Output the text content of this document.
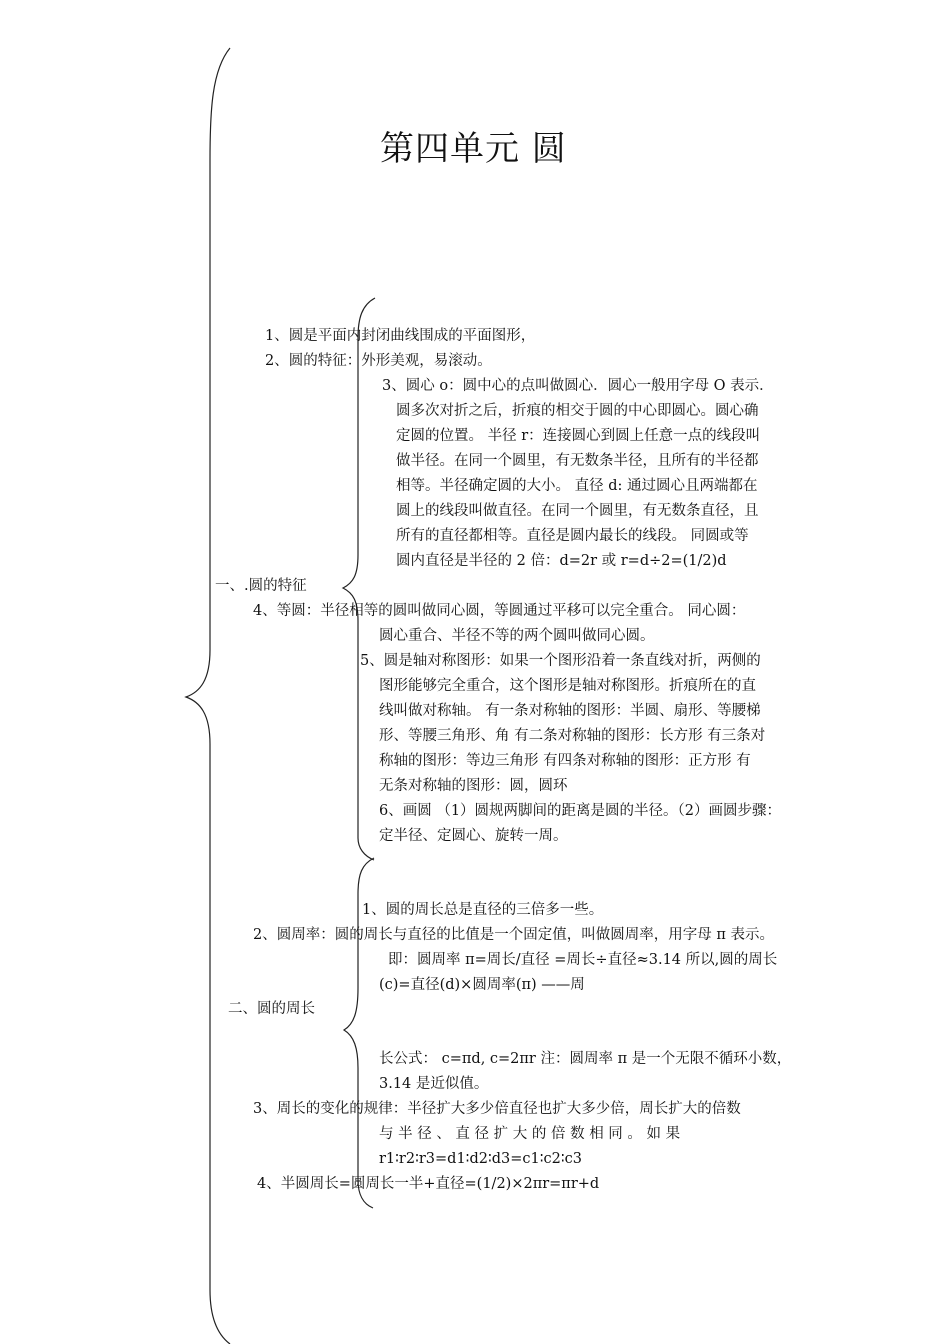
第四单元 圆
一、.圆的特征
1、圆是平面内封闭曲线围成的平面图形，
2、圆的特征：外形美观，易滚动。
3、圆心 o：圆中心的点叫做圆心．圆心一般用字母 O 表示．
圆多次对折之后，折痕的相交于圆的中心即圆心。圆心确
定圆的位置。 半径 r：连接圆心到圆上任意一点的线段叫
做半径。在同一个圆里，有无数条半径，且所有的半径都
相等。半径确定圆的大小。 直径 d: 通过圆心且两端都在
圆上的线段叫做直径。在同一个圆里，有无数条直径，且
所有的直径都相等。直径是圆内最长的线段。 同圆或等
圆内直径是半径的 2 倍：d=2r 或 r=d÷2=(1/2)d
4、等圆：半径相等的圆叫做同心圆，等圆通过平移可以完全重合。 同心圆：
圆心重合、半径不等的两个圆叫做同心圆。
5、圆是轴对称图形：如果一个图形沿着一条直线对折，两侧的
图形能够完全重合，这个图形是轴对称图形。折痕所在的直
线叫做对称轴。 有一条对称轴的图形：半圆、扇形、等腰梯
形、等腰三角形、角 有二条对称轴的图形：长方形 有三条对
称轴的图形：等边三角形 有四条对称轴的图形：正方形 有
无条对称轴的图形：圆，圆环
6、画圆 （1）圆规两脚间的距离是圆的半径。（2）画圆步骤：
定半径、定圆心、旋转一周。
二、圆的周长
1、圆的周长总是直径的三倍多一些。
2、圆周率：圆的周长与直径的比值是一个固定值，叫做圆周率，用字母 π 表示。
即：圆周率 π=周长/直径 =周长÷直径≈3.14 所以,圆的周长
(c)=直径(d)×圆周率(π) ——周
长公式： c=πd, c=2πr 注：圆周率 π 是一个无限不循环小数，
3.14 是近似值。
3、周长的变化的规律：半径扩大多少倍直径也扩大多少倍，周长扩大的倍数
与 半 径 、 直 径 扩 大 的 倍 数 相 同 。 如 果
r1∶r2∶r3=d1∶d2∶d3=c1∶c2∶c3
4、半圆周长=圆周长一半+直径=(1/2)×2πr=πr+d
